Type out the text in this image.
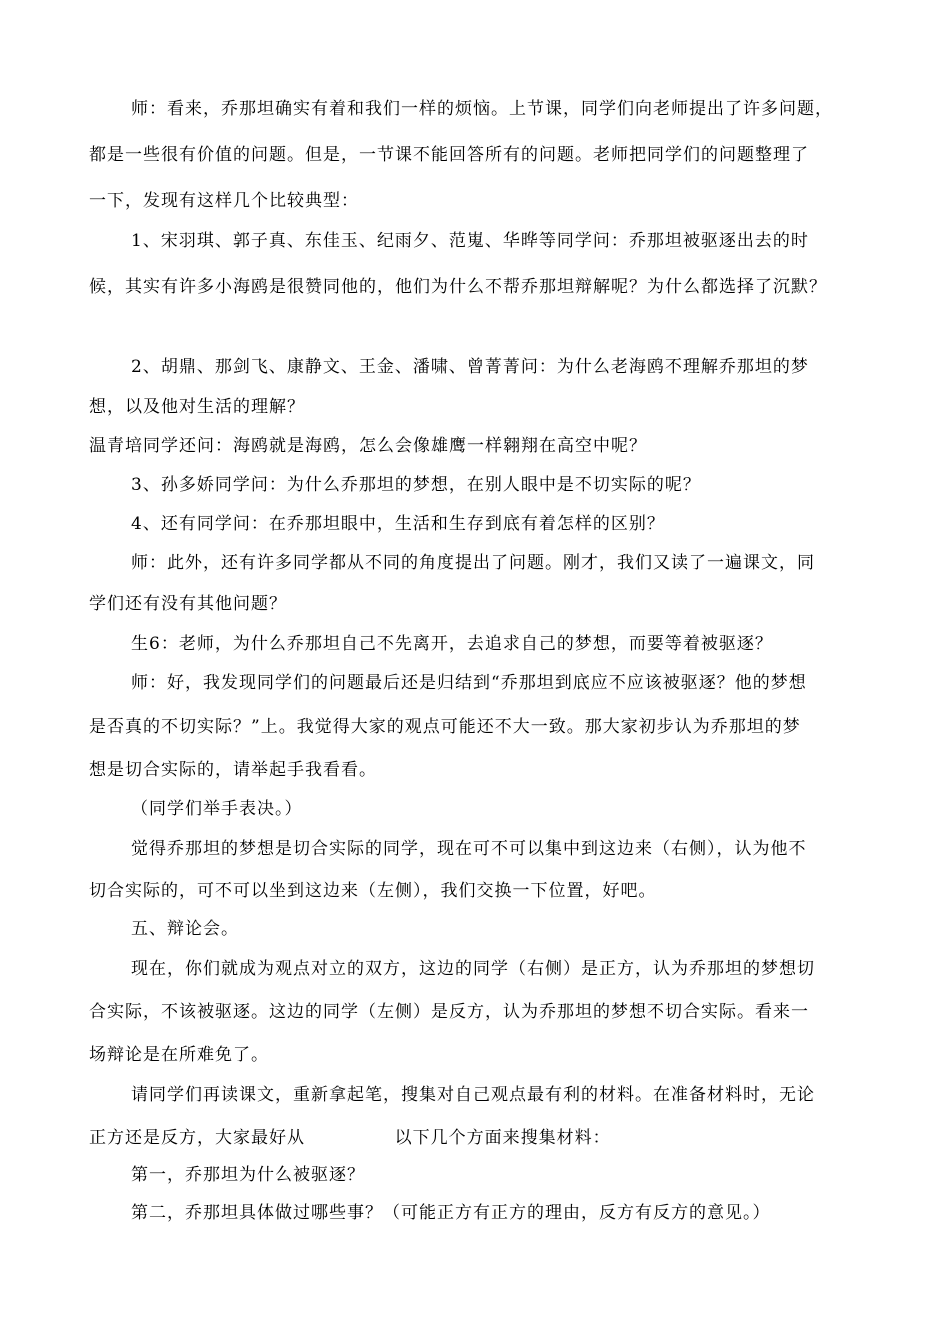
师：看来，乔那坦确实有着和我们一样的烦恼。上节课，同学们向老师提出了许多问题，
都是一些很有价值的问题。但是，一节课不能回答所有的问题。老师把同学们的问题整理了
一下，发现有这样几个比较典型：
1、宋羽琪、郭子真、东佳玉、纪雨夕、范嵬、华晔等同学问：乔那坦被驱逐出去的时
候，其实有许多小海鸥是很赞同他的，他们为什么不帮乔那坦辩解呢？为什么都选择了沉默？
2、胡鼎、那剑飞、康静文、王金、潘啸、曾菁菁问：为什么老海鸥不理解乔那坦的梦
想，以及他对生活的理解？
温青培同学还问：海鸥就是海鸥，怎么会像雄鹰一样翱翔在高空中呢？
3、孙多娇同学问：为什么乔那坦的梦想，在别人眼中是不切实际的呢？
4、还有同学问：在乔那坦眼中，生活和生存到底有着怎样的区别？
师：此外，还有许多同学都从不同的角度提出了问题。刚才，我们又读了一遍课文，同
学们还有没有其他问题？
生6：老师，为什么乔那坦自己不先离开，去追求自己的梦想，而要等着被驱逐？
师：好，我发现同学们的问题最后还是归结到“乔那坦到底应不应该被驱逐？他的梦想
是否真的不切实际？”上。我觉得大家的观点可能还不大一致。那大家初步认为乔那坦的梦
想是切合实际的，请举起手我看看。
（同学们举手表决。）
觉得乔那坦的梦想是切合实际的同学，现在可不可以集中到这边来（右侧），认为他不
切合实际的，可不可以坐到这边来（左侧），我们交换一下位置，好吧。
五、辩论会。
现在，你们就成为观点对立的双方，这边的同学（右侧）是正方，认为乔那坦的梦想切
合实际，不该被驱逐。这边的同学（左侧）是反方，认为乔那坦的梦想不切合实际。看来一
场辩论是在所难免了。
请同学们再读课文，重新拿起笔，搜集对自己观点最有利的材料。在准备材料时，无论
正方还是反方，大家最好从              以下几个方面来搜集材料：
第一，乔那坦为什么被驱逐？
第二，乔那坦具体做过哪些事？（可能正方有正方的理由，反方有反方的意见。）
